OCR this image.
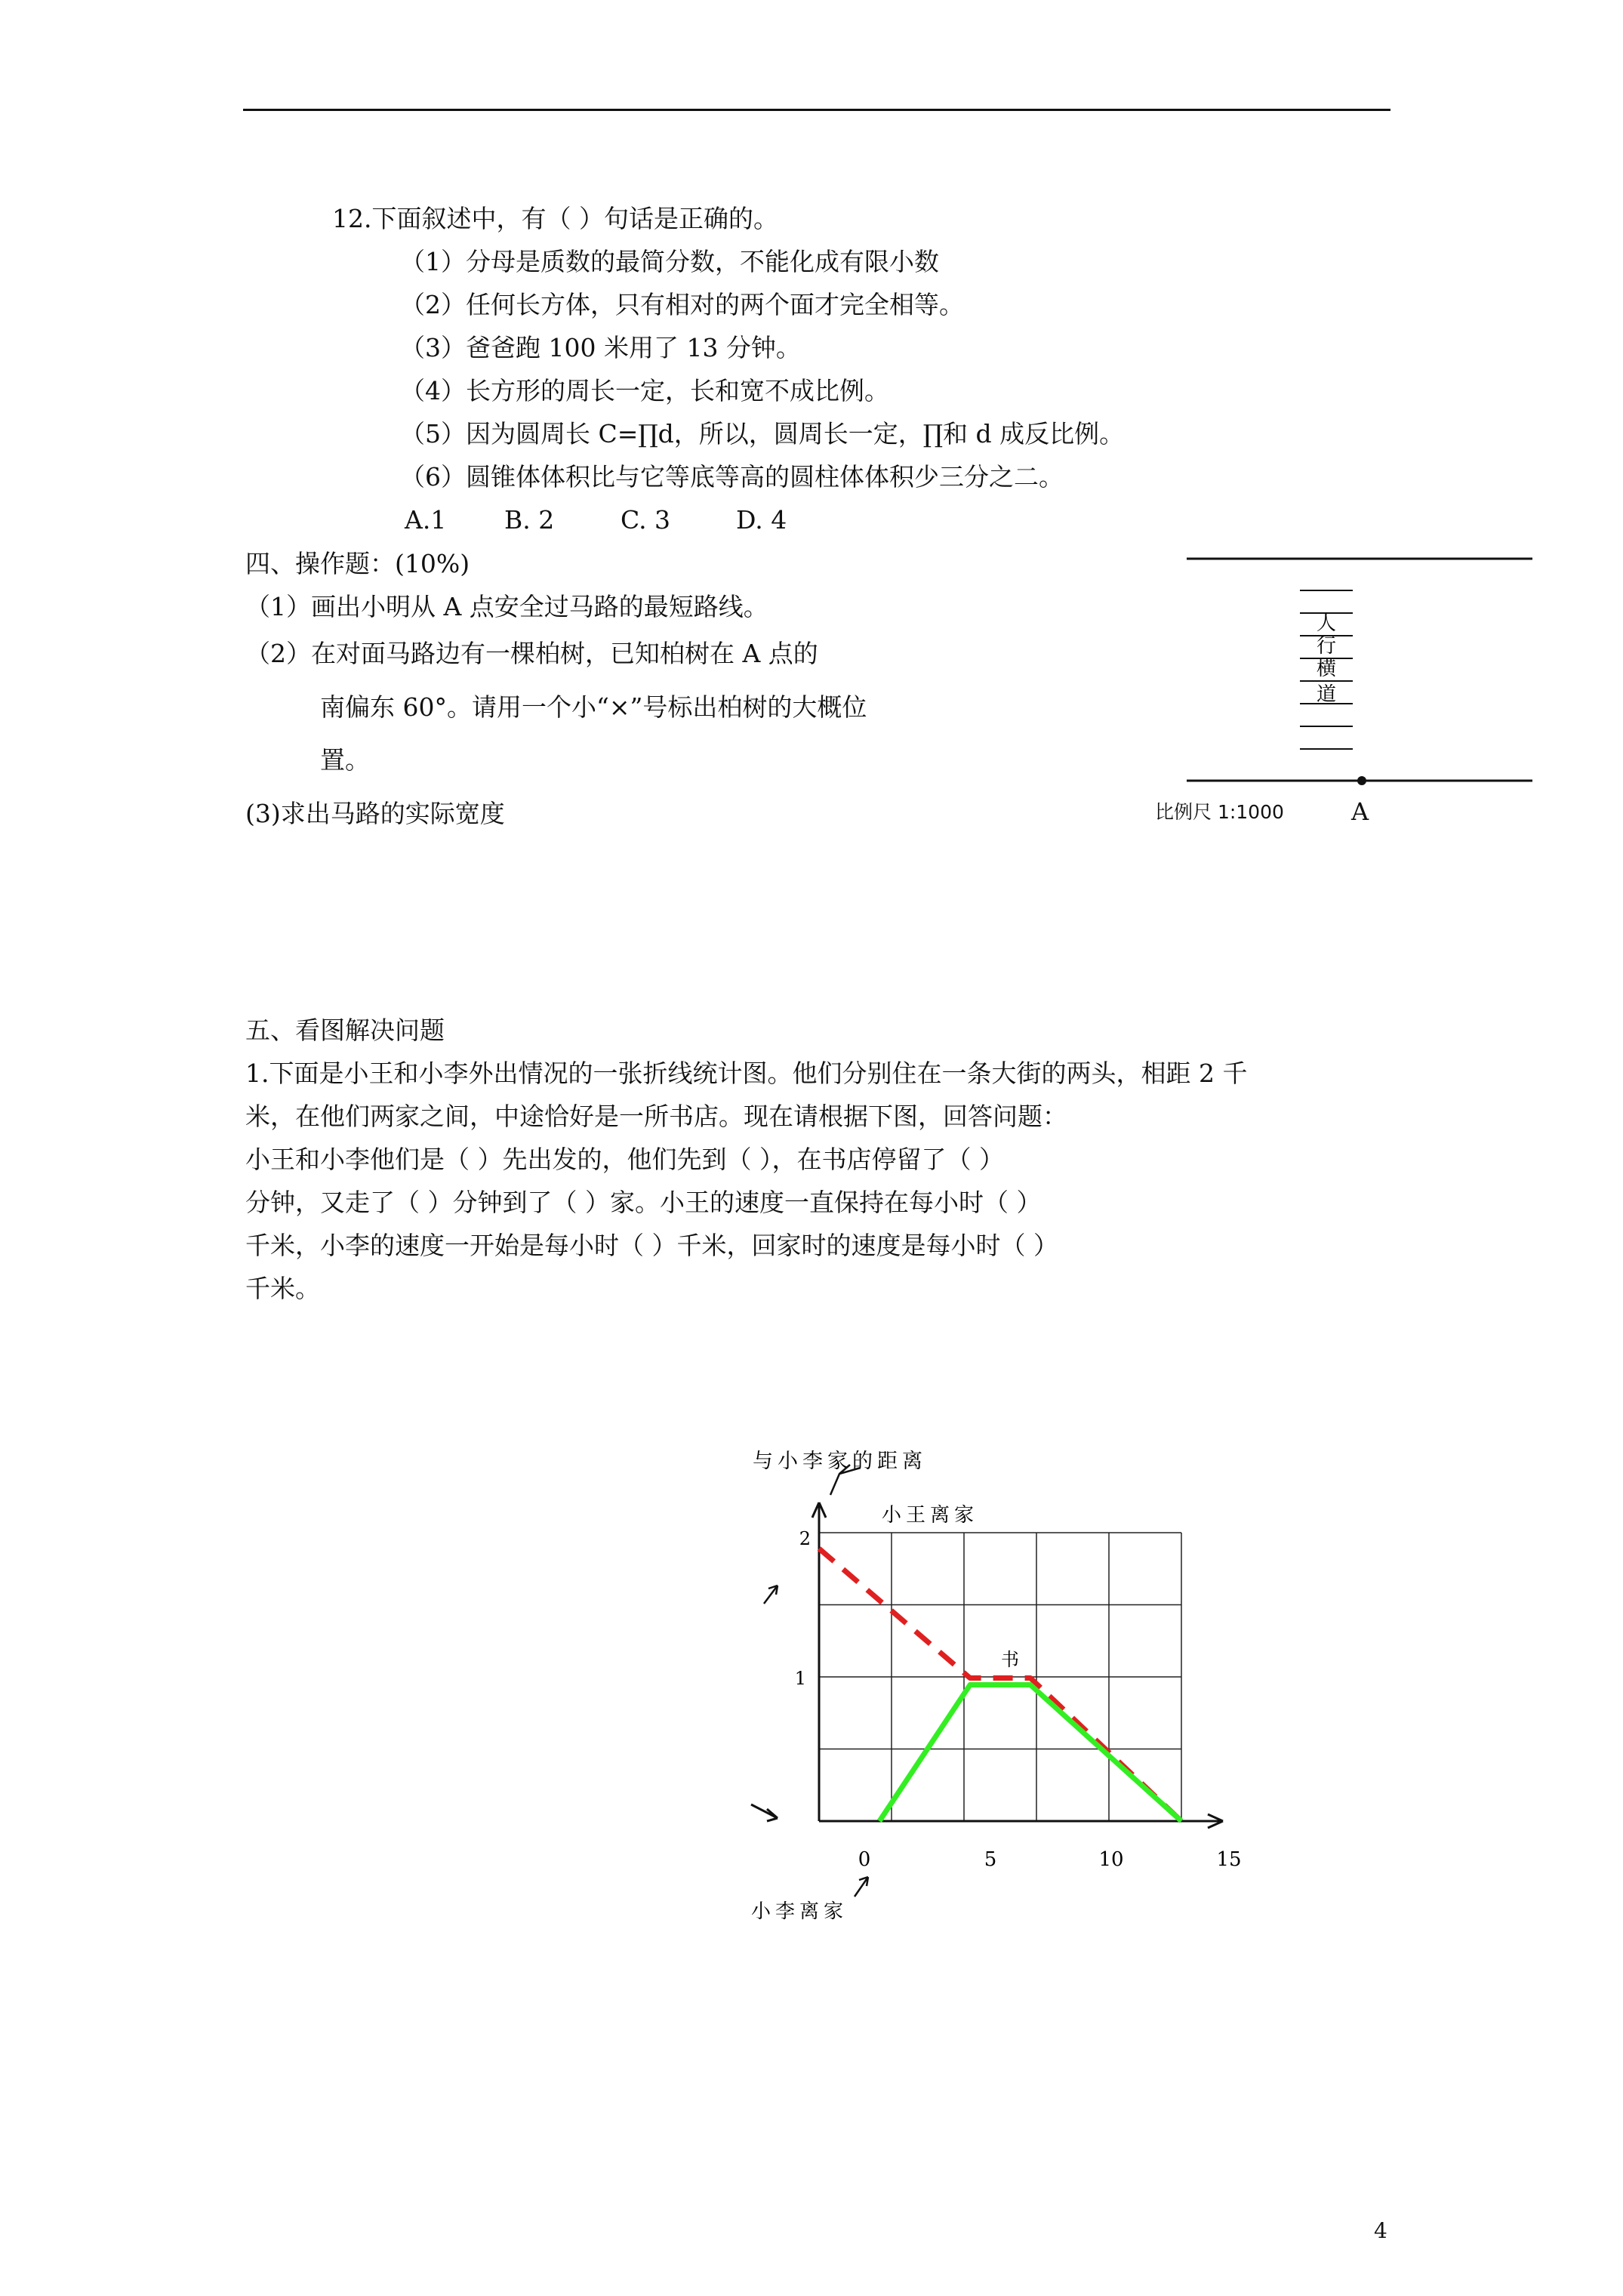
12.下面叙述中，有（ ）句话是正确的。
（1）分母是质数的最简分数，不能化成有限小数
（2）任何长方体，只有相对的两个面才完全相等。
（3）爸爸跑 100 米用了 13 分钟。
（4）长方形的周长一定，长和宽不成比例。
（5）因为圆周长 C=∏d，所以，圆周长一定，∏和 d 成反比例。
（6）圆锥体体积比与它等底等高的圆柱体体积少三分之二。
A.1 B. 2	C. 3	D. 4
四、操作题：(10%)
（1）画出小明从 A 点安全过马路的最短路线。
（2）在对面马路边有一棵柏树，已知柏树在 A 点的
南偏东 60°。请用一个小“×”号标出柏树的大概位
置。
(3)求出马路的实际宽度
人
行
横
道
比例尺 1:1000	A
五、看图解决问题
1.下面是小王和小李外出情况的一张折线统计图。他们分别住在一条大街的两头，相距 2 千
米，在他们两家之间，中途恰好是一所书店。现在请根据下图，回答问题：
小王和小李他们是（ ）先出发的，他们先到（ ），在书店停留了（ ）
分钟，又走了（ ）分钟到了（ ）家。小王的速度一直保持在每小时（ ）
千米，小李的速度一开始是每小时（ ）千米，回家时的速度是每小时（ ）
千米。
与小李家的距离
小王离家
小李离家
书
1
2
0	5	10	15
4
